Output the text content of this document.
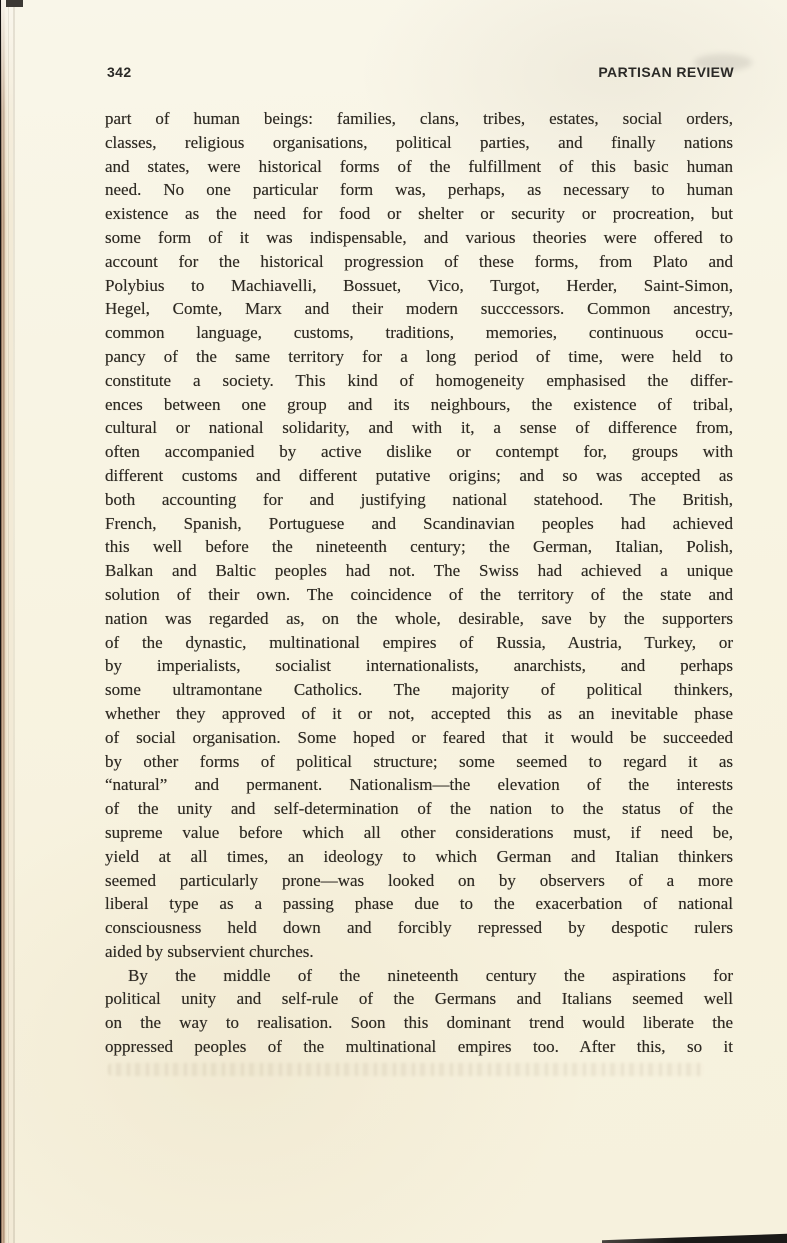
342	PARTISAN REVIEW
part of human beings: families, clans, tribes, estates, social orders,
classes, religious organisations, political parties, and finally nations
and states, were historical forms of the fulfillment of this basic human
need. No one particular form was, perhaps, as necessary to human
existence as the need for food or shelter or security or procreation, but
some form of it was indispensable, and various theories were offered to
account for the historical progression of these forms, from Plato and
Polybius to Machiavelli, Bossuet, Vico, Turgot, Herder, Saint-Simon,
Hegel, Comte, Marx and their modern succcessors. Common ancestry,
common language, customs, traditions, memories, continuous occu-
pancy of the same territory for a long period of time, were held to
constitute a society. This kind of homogeneity emphasised the differ-
ences between one group and its neighbours, the existence of tribal,
cultural or national solidarity, and with it, a sense of difference from,
often accompanied by active dislike or contempt for, groups with
different customs and different putative origins; and so was accepted as
both accounting for and justifying national statehood. The British,
French, Spanish, Portuguese and Scandinavian peoples had achieved
this well before the nineteenth century; the German, Italian, Polish,
Balkan and Baltic peoples had not. The Swiss had achieved a unique
solution of their own. The coincidence of the territory of the state and
nation was regarded as, on the whole, desirable, save by the supporters
of the dynastic, multinational empires of Russia, Austria, Turkey, or
by imperialists, socialist internationalists, anarchists, and perhaps
some ultramontane Catholics. The majority of political thinkers,
whether they approved of it or not, accepted this as an inevitable phase
of social organisation. Some hoped or feared that it would be succeeded
by other forms of political structure; some seemed to regard it as
“natural” and permanent. Nationalism—the elevation of the interests
of the unity and self-determination of the nation to the status of the
supreme value before which all other considerations must, if need be,
yield at all times, an ideology to which German and Italian thinkers
seemed particularly prone—was looked on by observers of a more
liberal type as a passing phase due to the exacerbation of national
consciousness held down and forcibly repressed by despotic rulers
aided by subservient churches.
By the middle of the nineteenth century the aspirations for
political unity and self-rule of the Germans and Italians seemed well
on the way to realisation. Soon this dominant trend would liberate the
oppressed peoples of the multinational empires too. After this, so it
